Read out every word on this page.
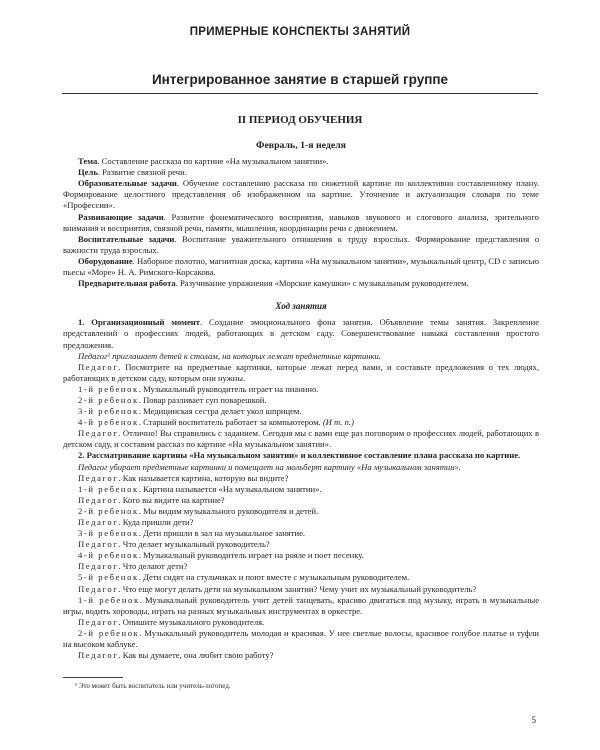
ПРИМЕРНЫЕ КОНСПЕКТЫ ЗАНЯТИЙ
Интегрированное занятие в старшей группе
II ПЕРИОД ОБУЧЕНИЯ

Февраль, 1-я неделя

Тема. Составление рассказа по картине «На музыкальном занятии».

Цель. Развитие связной речи.

Образовательные задачи. Обучение составлению рассказа по сюжетной картине по коллективно составленному плану. Формирование целостного представления об изображенном на картине. Уточнение и актуализация словаря по теме «Профессии».

Развивающие задачи. Развитие фонематического восприятия, навыков звукового и слогового анализа, зрительного внимания и восприятия, связной речи, памяти, мышления, координации речи с движением.

Воспитательные задачи. Воспитание уважительного отношения к труду взрослых. Формирование представления о важности труда взрослых.

Оборудование. Наборное полотно, магнитная доска, картина «На музыкальном занятии», музыкальный центр, CD с записью пьесы «Море» Н. А. Римского-Корсакова.

Предварительная работа. Разучивание упражнения «Морские камушки» с музыкальным руководителем.

Ход занятия

1. Организационный момент. Создание эмоционального фона занятия. Объявление темы занятия. Закрепление представлений о профессиях людей, работающих в детском саду. Совершенствование навыка составления простого предложения.

Педагог¹ приглашает детей к столам, на которых лежат предметные картинки.

Педагог. Посмотрите на предметные картинки, которые лежат перед вами, и составьте предложения о тех людях, работающих в детском саду, которым они нужны.

1-й ребенок. Музыкальный руководитель играет на пианино.

2-й ребенок. Повар разливает суп поварешкой.

3-й ребенок. Медицинская сестра делает укол шприцем.

4-й ребенок. Старший воспитатель работает за компьютером. (И т. п.)

Педагог. Отлично! Вы справились с заданием. Сегодня мы с вами еще раз поговорим о профессиях людей, работающих в детском саду, и составим рассказ по картине «На музыкальном занятии».

2. Рассматривание картины «На музыкальном занятии» и коллективное составление плана рассказа по картине.

Педагог убирает предметные картинки и помещает на мольберт картину «На музыкальном занятии».

Педагог. Как называется картина, которую вы видите?

1-й ребенок. Картина называется «На музыкальном занятии».

Педагог. Кого вы видите на картине?

2-й ребенок. Мы видим музыкального руководителя и детей.

Педагог. Куда пришли дети?

3-й ребенок. Дети пришли в зал на музыкальное занятие.

Педагог. Что делает музыкальный руководитель?

4-й ребенок. Музыкальный руководитель играет на рояле и поет песенку.

Педагог. Что делают дети?

5-й ребенок. Дети сидят на стульчиках и поют вместе с музыкальным руководителем.

Педагог. Что еще могут делать дети на музыкальном занятии? Чему учит их музыкальный руководитель?

1-й ребенок. Музыкальный руководитель учит детей танцевать, красиво двигаться под музыку, играть в музыкальные игры, водить хороводы, играть на разных музыкальных инструментах в оркестре.

Педагог. Опишите музыкального руководителя.

2-й ребенок. Музыкальный руководитель молодая и красивая. У нее светлые волосы, красивое голубое платье и туфли на высоком каблуке.

Педагог. Как вы думаете, она любит свою работу?

¹ Это может быть воспитатель или учитель-логопед.
5
